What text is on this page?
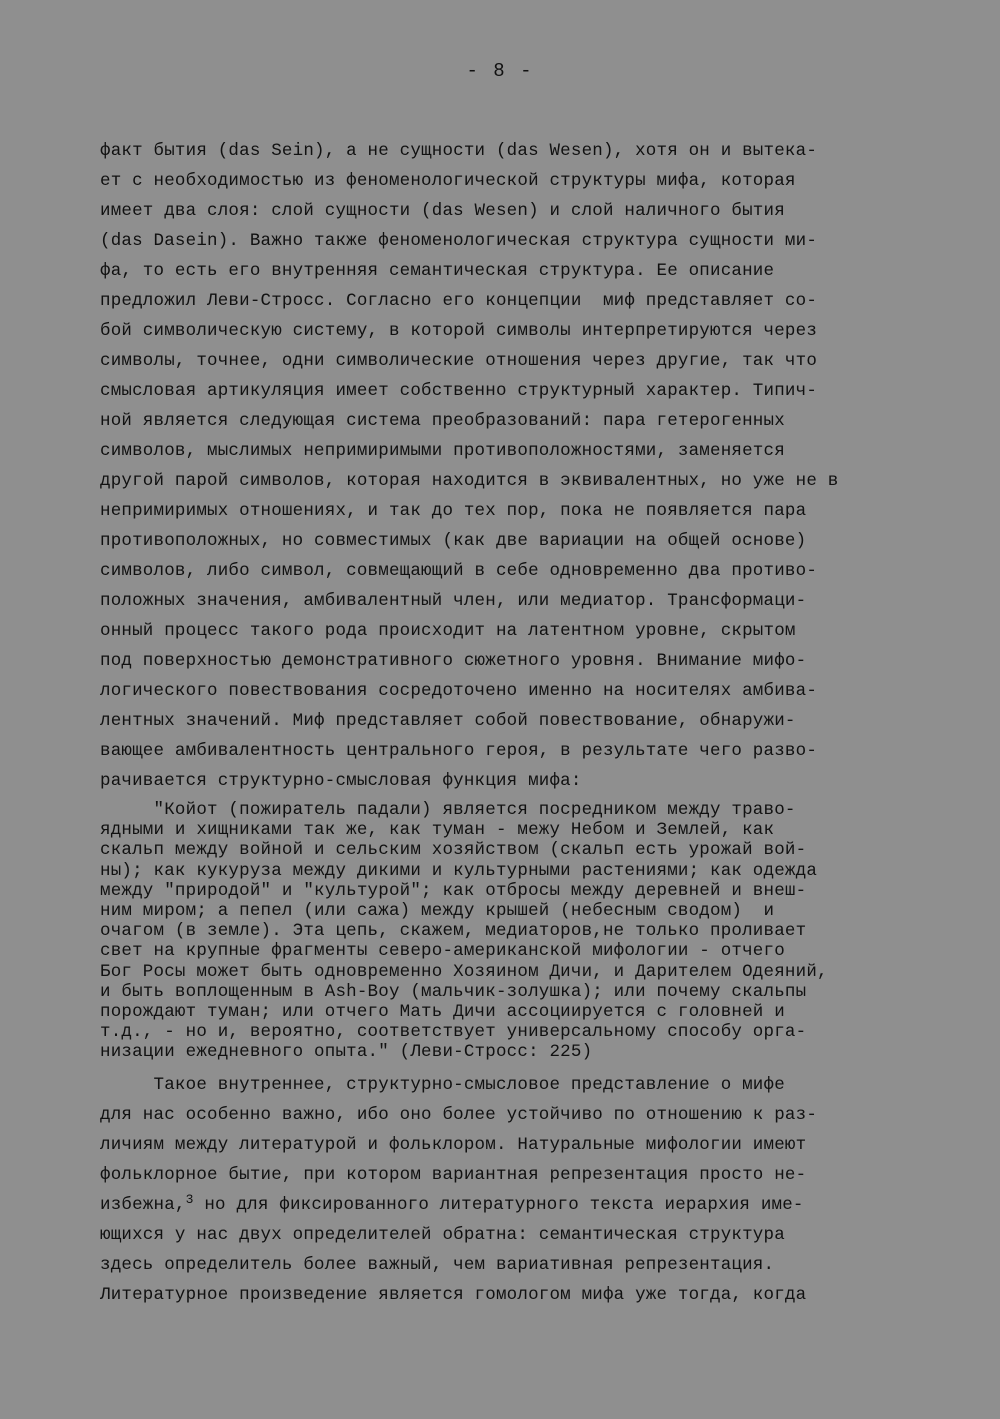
- 8 -
факт бытия (das Sein), а не сущности (das Wesen), хотя он и вытека-
ет с необходимостью из феноменологической структуры мифа, которая
имеет два слоя: слой сущности (das Wesen) и слой наличного бытия
(das Dasein). Важно также феноменологическая структура сущности ми-
фа, то есть его внутренняя семантическая структура. Ее описание
предложил Леви-Стросс. Согласно его концепции  миф представляет со-
бой символическую систему, в которой символы интерпретируются через
символы, точнее, одни символические отношения через другие, так что
смысловая артикуляция имеет собственно структурный характер. Типич-
ной является следующая система преобразований: пара гетерогенных
символов, мыслимых непримиримыми противоположностями, заменяется
другой парой символов, которая находится в эквивалентных, но уже не в
непримиримых отношениях, и так до тех пор, пока не появляется пара
противоположных, но совместимых (как две вариации на общей основе)
символов, либо символ, совмещающий в себе одновременно два противо-
положных значения, амбивалентный член, или медиатор. Трансформаци-
онный процесс такого рода происходит на латентном уровне, скрытом
под поверхностью демонстративного сюжетного уровня. Внимание мифо-
логического повествования сосредоточено именно на носителях амбива-
лентных значений. Миф представляет собой повествование, обнаружи-
вающее амбивалентность центрального героя, в результате чего разво-
рачивается структурно-смысловая функция мифа:
"Койот (пожиратель падали) является посредником между траво-
ядными и хищниками так же, как туман - межу Небом и Землей, как
скальп между войной и сельским хозяйством (скальп есть урожай вой-
ны); как кукуруза между дикими и культурными растениями; как одежда
между "природой" и "культурой"; как отбросы между деревней и внеш-
ним миром; а пепел (или сажа) между крышей (небесным сводом)  и
очагом (в земле). Эта цепь, скажем, медиаторов,не только проливает
свет на крупные фрагменты северо-американской мифологии - отчего
Бог Росы может быть одновременно Хозяином Дичи, и Дарителем Одеяний,
и быть воплощенным в Ash-Boy (мальчик-золушка); или почему скальпы
порождают туман; или отчего Мать Дичи ассоциируется с головней и
т.д., - но и, вероятно, соответствует универсальному способу орга-
низации ежедневного опыта." (Леви-Стросс: 225)
Такое внутреннее, структурно-смысловое представление о мифе
для нас особенно важно, ибо оно более устойчиво по отношению к раз-
личиям между литературой и фольклором. Натуральные мифологии имеют
фольклорное бытие, при котором вариантная репрезентация просто не-
избежна,$^3$ но для фиксированного литературного текста иерархия име-
ющихся у нас двух определителей обратна: семантическая структура
здесь определитель более важный, чем вариативная репрезентация.
Литературное произведение является гомологом мифа уже тогда, когда
